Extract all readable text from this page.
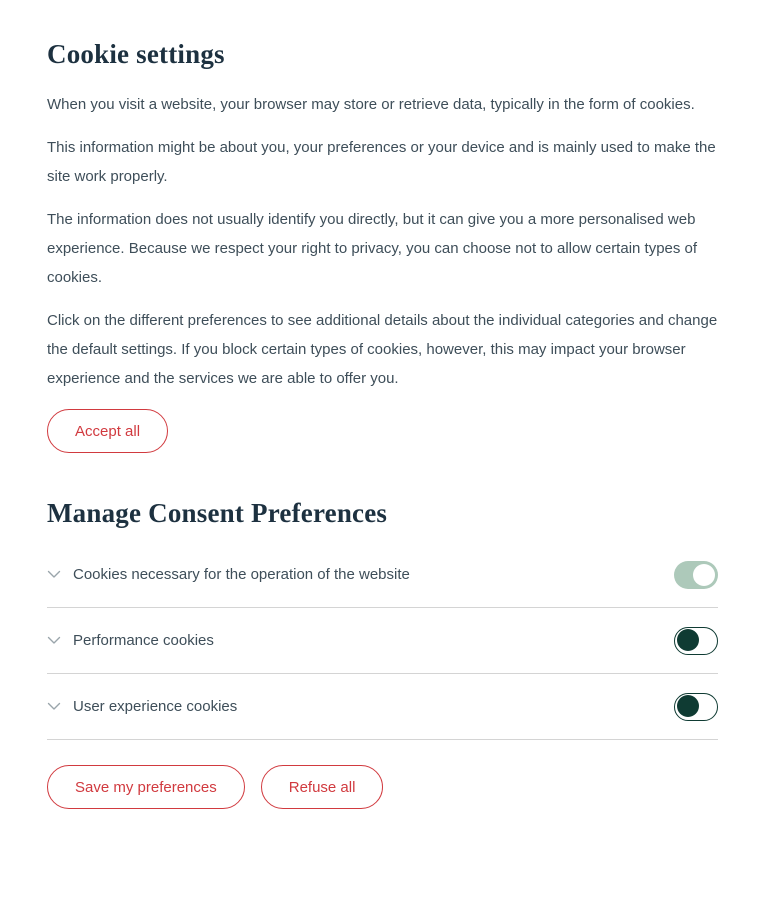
Cookie settings

When you visit a website, your browser may store or retrieve data, typically in the form of cookies.

This information might be about you, your preferences or your device and is mainly used to make the site work properly.

The information does not usually identify you directly, but it can give you a more personalised web experience. Because we respect your right to privacy, you can choose not to allow certain types of cookies.

Click on the different preferences to see additional details about the individual categories and change the default settings. If you block certain types of cookies, however, this may impact your browser experience and the services we are able to offer you.

Accept all
Manage Consent Preferences
Cookies necessary for the operation of the website
Performance cookies
User experience cookies
Save my preferences	Refuse all
